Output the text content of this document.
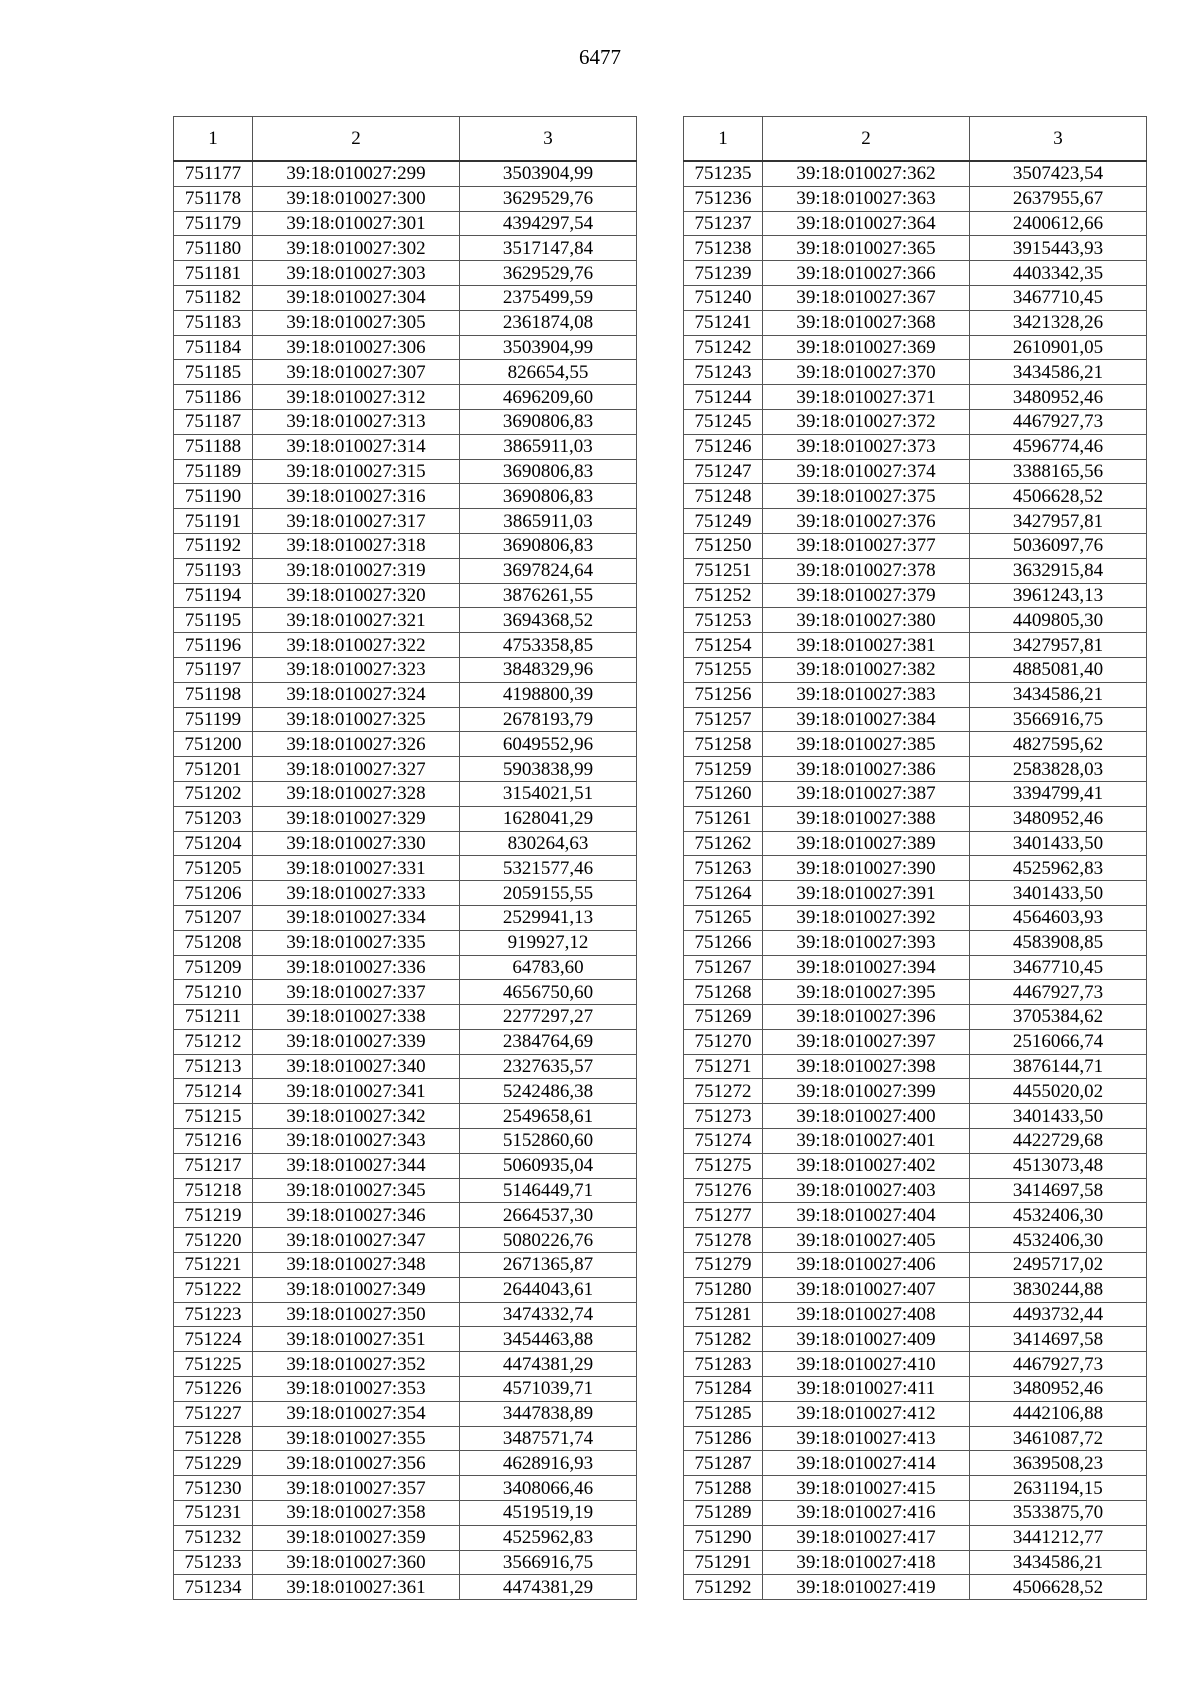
6477
1	2	3
751177	39:18:010027:299	3503904,99
751178	39:18:010027:300	3629529,76
751179	39:18:010027:301	4394297,54
751180	39:18:010027:302	3517147,84
751181	39:18:010027:303	3629529,76
751182	39:18:010027:304	2375499,59
751183	39:18:010027:305	2361874,08
751184	39:18:010027:306	3503904,99
751185	39:18:010027:307	826654,55
751186	39:18:010027:312	4696209,60
751187	39:18:010027:313	3690806,83
751188	39:18:010027:314	3865911,03
751189	39:18:010027:315	3690806,83
751190	39:18:010027:316	3690806,83
751191	39:18:010027:317	3865911,03
751192	39:18:010027:318	3690806,83
751193	39:18:010027:319	3697824,64
751194	39:18:010027:320	3876261,55
751195	39:18:010027:321	3694368,52
751196	39:18:010027:322	4753358,85
751197	39:18:010027:323	3848329,96
751198	39:18:010027:324	4198800,39
751199	39:18:010027:325	2678193,79
751200	39:18:010027:326	6049552,96
751201	39:18:010027:327	5903838,99
751202	39:18:010027:328	3154021,51
751203	39:18:010027:329	1628041,29
751204	39:18:010027:330	830264,63
751205	39:18:010027:331	5321577,46
751206	39:18:010027:333	2059155,55
751207	39:18:010027:334	2529941,13
751208	39:18:010027:335	919927,12
751209	39:18:010027:336	64783,60
751210	39:18:010027:337	4656750,60
751211	39:18:010027:338	2277297,27
751212	39:18:010027:339	2384764,69
751213	39:18:010027:340	2327635,57
751214	39:18:010027:341	5242486,38
751215	39:18:010027:342	2549658,61
751216	39:18:010027:343	5152860,60
751217	39:18:010027:344	5060935,04
751218	39:18:010027:345	5146449,71
751219	39:18:010027:346	2664537,30
751220	39:18:010027:347	5080226,76
751221	39:18:010027:348	2671365,87
751222	39:18:010027:349	2644043,61
751223	39:18:010027:350	3474332,74
751224	39:18:010027:351	3454463,88
751225	39:18:010027:352	4474381,29
751226	39:18:010027:353	4571039,71
751227	39:18:010027:354	3447838,89
751228	39:18:010027:355	3487571,74
751229	39:18:010027:356	4628916,93
751230	39:18:010027:357	3408066,46
751231	39:18:010027:358	4519519,19
751232	39:18:010027:359	4525962,83
751233	39:18:010027:360	3566916,75
751234	39:18:010027:361	4474381,29
1	2	3
751235	39:18:010027:362	3507423,54
751236	39:18:010027:363	2637955,67
751237	39:18:010027:364	2400612,66
751238	39:18:010027:365	3915443,93
751239	39:18:010027:366	4403342,35
751240	39:18:010027:367	3467710,45
751241	39:18:010027:368	3421328,26
751242	39:18:010027:369	2610901,05
751243	39:18:010027:370	3434586,21
751244	39:18:010027:371	3480952,46
751245	39:18:010027:372	4467927,73
751246	39:18:010027:373	4596774,46
751247	39:18:010027:374	3388165,56
751248	39:18:010027:375	4506628,52
751249	39:18:010027:376	3427957,81
751250	39:18:010027:377	5036097,76
751251	39:18:010027:378	3632915,84
751252	39:18:010027:379	3961243,13
751253	39:18:010027:380	4409805,30
751254	39:18:010027:381	3427957,81
751255	39:18:010027:382	4885081,40
751256	39:18:010027:383	3434586,21
751257	39:18:010027:384	3566916,75
751258	39:18:010027:385	4827595,62
751259	39:18:010027:386	2583828,03
751260	39:18:010027:387	3394799,41
751261	39:18:010027:388	3480952,46
751262	39:18:010027:389	3401433,50
751263	39:18:010027:390	4525962,83
751264	39:18:010027:391	3401433,50
751265	39:18:010027:392	4564603,93
751266	39:18:010027:393	4583908,85
751267	39:18:010027:394	3467710,45
751268	39:18:010027:395	4467927,73
751269	39:18:010027:396	3705384,62
751270	39:18:010027:397	2516066,74
751271	39:18:010027:398	3876144,71
751272	39:18:010027:399	4455020,02
751273	39:18:010027:400	3401433,50
751274	39:18:010027:401	4422729,68
751275	39:18:010027:402	4513073,48
751276	39:18:010027:403	3414697,58
751277	39:18:010027:404	4532406,30
751278	39:18:010027:405	4532406,30
751279	39:18:010027:406	2495717,02
751280	39:18:010027:407	3830244,88
751281	39:18:010027:408	4493732,44
751282	39:18:010027:409	3414697,58
751283	39:18:010027:410	4467927,73
751284	39:18:010027:411	3480952,46
751285	39:18:010027:412	4442106,88
751286	39:18:010027:413	3461087,72
751287	39:18:010027:414	3639508,23
751288	39:18:010027:415	2631194,15
751289	39:18:010027:416	3533875,70
751290	39:18:010027:417	3441212,77
751291	39:18:010027:418	3434586,21
751292	39:18:010027:419	4506628,52
